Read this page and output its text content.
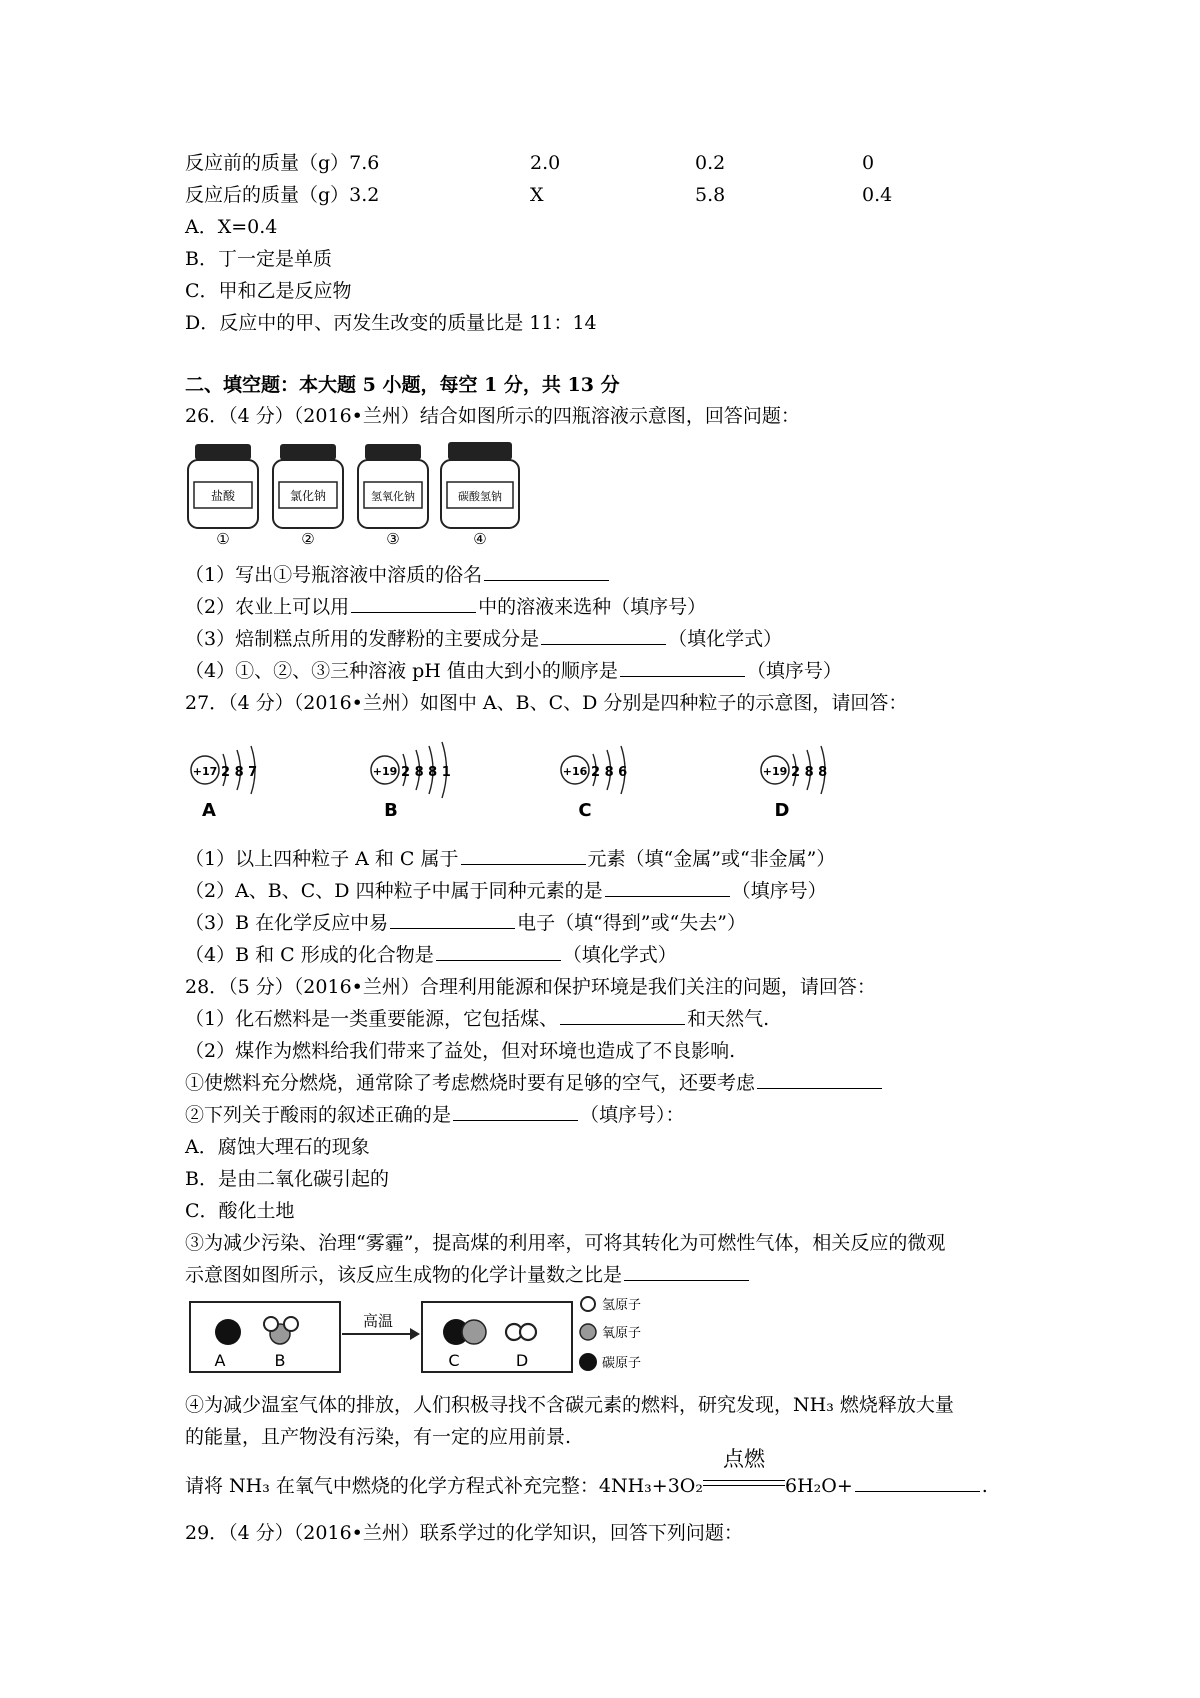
反应前的质量（g）7.6	2.0	0.2	0
反应后的质量（g）3.2	X	5.8	0.4
A．X=0.4
B．丁一定是单质
C．甲和乙是反应物
D．反应中的甲、丙发生改变的质量比是 11：14
二、填空题：本大题 5 小题，每空 1 分，共 13 分
26．（4 分）（2016•兰州）结合如图所示的四瓶溶液示意图，回答问题：
盐酸	氯化钠	氢氧化钠	碳酸氢钠
①	②	③	④
（1）写出①号瓶溶液中溶质的俗名
（2）农业上可以用	中的溶液来选种（填序号）
（3）焙制糕点所用的发酵粉的主要成分是	（填化学式）
（4）①、②、③三种溶液 pH 值由大到小的顺序是	（填序号）
27．（4 分）（2016•兰州）如图中 A、B、C、D 分别是四种粒子的示意图，请回答：
+17	+19	+16	+19
2 8 7	2 8 8 1	2 8 6	2 8 8
A	B	C	D
（1）以上四种粒子 A 和 C 属于	元素（填“金属”或“非金属”）
（2）A、B、C、D 四种粒子中属于同种元素的是	（填序号）
（3）B 在化学反应中易	电子（填“得到”或“失去”）
（4）B 和 C 形成的化合物是	（填化学式）
28．（5 分）（2016•兰州）合理利用能源和保护环境是我们关注的问题，请回答：
（1）化石燃料是一类重要能源，它包括煤、	和天然气.
（2）煤作为燃料给我们带来了益处，但对环境也造成了不良影响.
①使燃料充分燃烧，通常除了考虑燃烧时要有足够的空气，还要考虑
②下列关于酸雨的叙述正确的是	（填序号）：
A．腐蚀大理石的现象
B．是由二氧化碳引起的
C．酸化土地
③为减少污染、治理“雾霾”，提高煤的利用率，可将其转化为可燃性气体，相关反应的微观
示意图如图所示，该反应生成物的化学计量数之比是
高温
A	B	C	D
氢原子
氧原子
碳原子
④为减少温室气体的排放，人们积极寻找不含碳元素的燃料，研究发现，NH₃ 燃烧释放大量
的能量，且产物没有污染，有一定的应用前景.
请将 NH₃ 在氧气中燃烧的化学方程式补充完整：4NH₃+3O₂
点燃
6H₂O+	.
29．（4 分）（2016•兰州）联系学过的化学知识，回答下列问题：
